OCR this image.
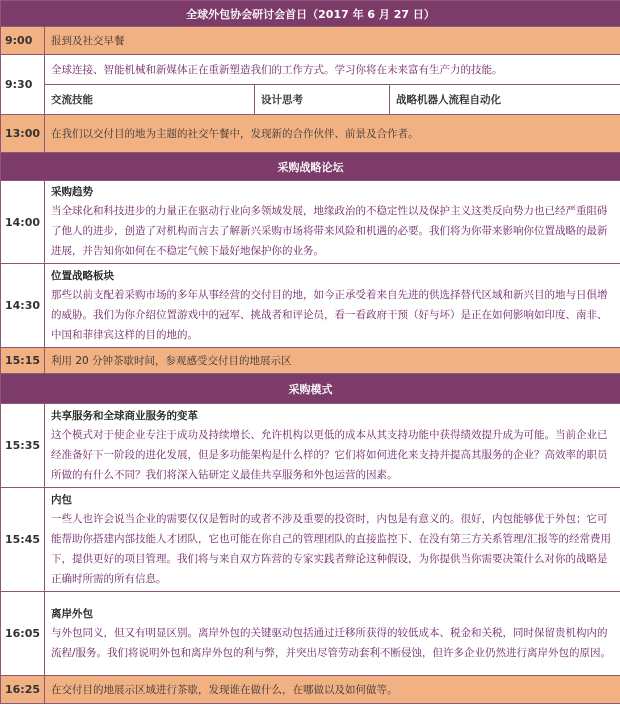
全球外包协会研讨会首日（2017 年 6 月 27 日）			
9:00	报到及社交早餐		
9:30	全球连接、智能机械和新媒体正在重新塑造我们的工作方式。学习你将在未来富有生产力的技能。		
	交流技能	设计思考	战略机器人流程自动化
13:00	在我们以交付目的地为主题的社交午餐中，发现新的合作伙伴、前景及合作者。		
采购战略论坛			
14:00	采购趋势
当全球化和科技进步的力量正在驱动行业向多领域发展，地缘政治的不稳定性以及保护主义这类反向势力也已经严重阻碍了他人的进步，创造了对机构而言去了解新兴采购市场将带来风险和机遇的必要。我们将为你带来影响你位置战略的最新进展，并告知你如何在不稳定气候下最好地保护你的业务。		

14:30	位置战略板块
那些以前支配着采购市场的多年从事经营的交付目的地，如今正承受着来自先进的供选择替代区域和新兴目的地与日俱增的威胁。我们为你介绍位置游戏中的冠军、挑战者和评论员，看一看政府干预（好与坏）是正在如何影响如印度、南非、中国和菲律宾这样的目的地的。		

15:15	利用 20 分钟茶歇时间，参观感受交付目的地展示区		
采购模式			
15:35	共享服务和全球商业服务的变革
这个模式对于使企业专注于成功及持续增长、允许机构以更低的成本从其支持功能中获得绩效提升成为可能。当前企业已经准备好下一阶段的进化发展，但是多功能架构是什么样的？它们将如何进化来支持并提高其服务的企业？高效率的职员所做的有什么不同？我们将深入钻研定义最佳共享服务和外包运营的因素。		

15:45	内包
一些人也许会说当企业的需要仅仅是暂时的或者不涉及重要的投资时，内包是有意义的。很好，内包能够优于外包；它可能帮助你搭建内部技能人才团队，它也可能在你自己的管理团队的直接监控下、在没有第三方关系管理/汇报等的经常费用下，提供更好的项目管理。我们将与来自双方阵营的专家实践者辩论这种假设，为你提供当你需要决策什么对你的战略是正确时所需的所有信息。		

16:05	离岸外包
与外包同义，但又有明显区别。离岸外包的关键驱动包括通过迁移所获得的较低成本、税金和关税，同时保留贵机构内的流程/服务。我们将说明外包和离岸外包的利与弊，并突出尽管劳动套利不断侵蚀，但许多企业仍然进行离岸外包的原因。		

16:25	在交付目的地展示区域进行茶歇，发现谁在做什么，在哪做以及如何做等。		
